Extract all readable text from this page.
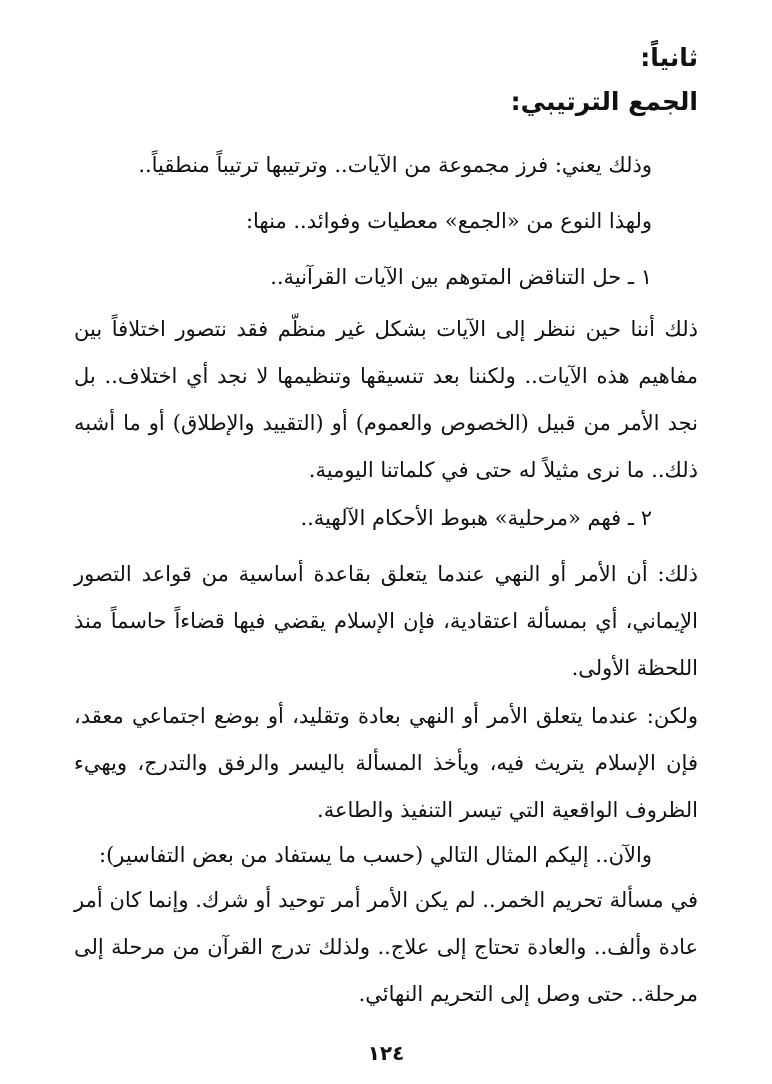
ثانياً:
الجمع الترتيبي:

وذلك يعني: فرز مجموعة من الآيات.. وترتيبها ترتيباً منطقياً..

ولهذا النوع من «الجمع» معطيات وفوائد.. منها:

١ ـ حل التناقض المتوهم بين الآيات القرآنية..

ذلك أننا حين ننظر إلى الآيات بشكل غير منظّم فقد نتصور اختلافاً بين مفاهيم هذه الآيات.. ولكننا بعد تنسيقها وتنظيمها لا نجد أي اختلاف.. بل نجد الأمر من قبيل (الخصوص والعموم) أو (التقييد والإطلاق) أو ما أشبه ذلك.. ما نرى مثيلاً له حتى في كلماتنا اليومية.

٢ ـ فهم «مرحلية» هبوط الأحكام الآلهية..

ذلك: أن الأمر أو النهي عندما يتعلق بقاعدة أساسية من قواعد التصور الإيماني، أي بمسألة اعتقادية، فإن الإسلام يقضي فيها قضاءاً حاسماً منذ اللحظة الأولى.

ولكن: عندما يتعلق الأمر أو النهي بعادة وتقليد، أو بوضع اجتماعي معقد، فإن الإسلام يتريث فيه، ويأخذ المسألة باليسر والرفق والتدرج، ويهيء الظروف الواقعية التي تيسر التنفيذ والطاعة.

والآن.. إليكم المثال التالي (حسب ما يستفاد من بعض التفاسير):

في مسألة تحريم الخمر.. لم يكن الأمر أمر توحيد أو شرك. وإنما كان أمر عادة وألف.. والعادة تحتاج إلى علاج.. ولذلك تدرج القرآن من مرحلة إلى مرحلة.. حتى وصل إلى التحريم النهائي.

١٢٤
